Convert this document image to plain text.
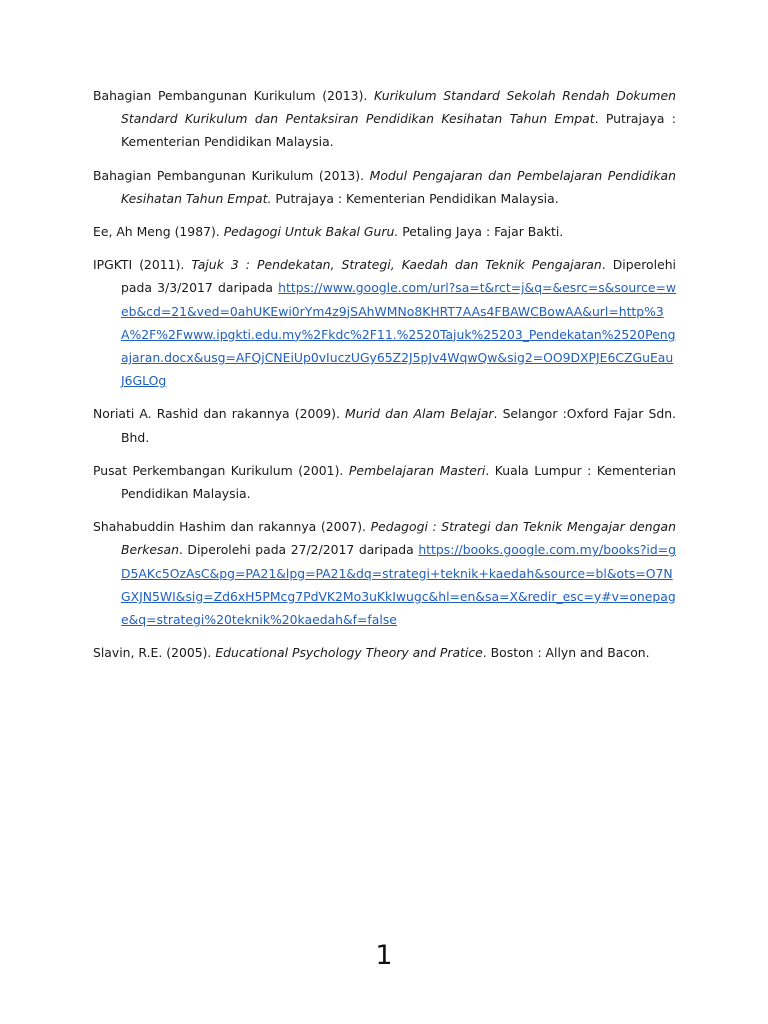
Bahagian Pembangunan Kurikulum (2013). Kurikulum Standard Sekolah Rendah Dokumen Standard Kurikulum dan Pentaksiran Pendidikan Kesihatan Tahun Empat. Putrajaya : Kementerian Pendidikan Malaysia.

Bahagian Pembangunan Kurikulum (2013). Modul Pengajaran dan Pembelajaran Pendidikan Kesihatan Tahun Empat. Putrajaya : Kementerian Pendidikan Malaysia.

Ee, Ah Meng (1987). Pedagogi Untuk Bakal Guru. Petaling Jaya : Fajar Bakti.

IPGKTI (2011). Tajuk 3 : Pendekatan, Strategi, Kaedah dan Teknik Pengajaran. Diperolehi pada 3/3/2017 daripada https://www.google.com/url?sa=t&rct=j&q=&esrc=s&source=web&cd=21&ved=0ahUKEwi0rYm4z9jSAhWMNo8KHRT7AAs4FBAWCBowAA&url=http%3A%2F%2Fwww.ipgkti.edu.my%2Fkdc%2F11.%2520Tajuk%25203_Pendekatan%2520Pengajaran.docx&usg=AFQjCNEiUp0vIuczUGy65Z2J5pJv4WqwQw&sig2=OO9DXPJE6CZGuEauJ6GLOg

Noriati A. Rashid dan rakannya (2009). Murid dan Alam Belajar. Selangor :Oxford Fajar Sdn. Bhd.

Pusat Perkembangan Kurikulum (2001). Pembelajaran Masteri. Kuala Lumpur : Kementerian Pendidikan Malaysia.

Shahabuddin Hashim dan rakannya (2007). Pedagogi : Strategi dan Teknik Mengajar dengan Berkesan. Diperolehi pada 27/2/2017 daripada https://books.google.com.my/books?id=gD5AKc5OzAsC&pg=PA21&lpg=PA21&dq=strategi+teknik+kaedah&source=bl&ots=O7NGXJN5WI&sig=Zd6xH5PMcg7PdVK2Mo3uKkIwugc&hl=en&sa=X&redir_esc=y#v=onepage&q=strategi%20teknik%20kaedah&f=false

Slavin, R.E. (2005). Educational Psychology Theory and Pratice. Boston : Allyn and Bacon.

1
